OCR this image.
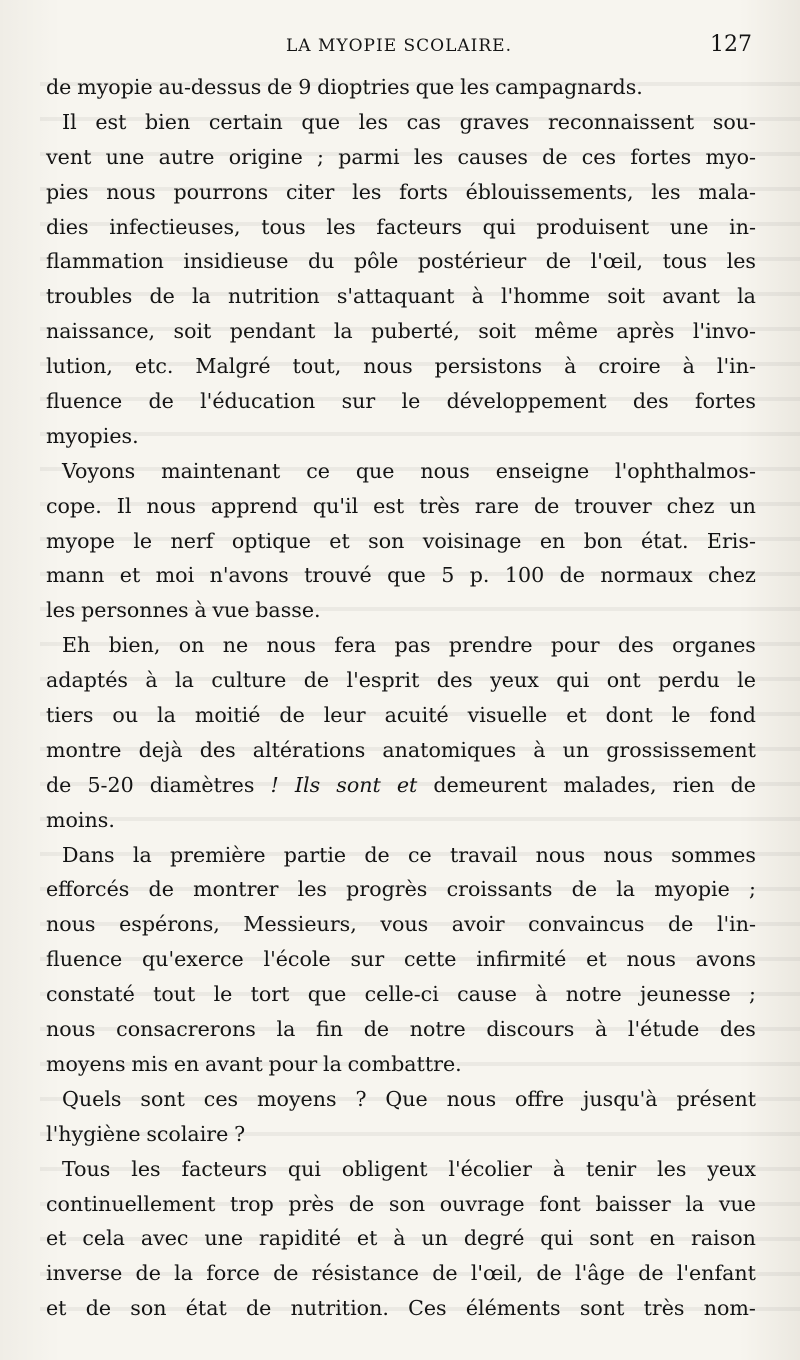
LA MYOPIE SCOLAIRE.	127
de myopie au-dessus de 9 dioptries que les campagnards.
Il est bien certain que les cas graves reconnaissent sou-
vent une autre origine ; parmi les causes de ces fortes myo-
pies nous pourrons citer les forts éblouissements, les mala-
dies infectieuses, tous les facteurs qui produisent une in-
flammation insidieuse du pôle postérieur de l'œil, tous les
troubles de la nutrition s'attaquant à l'homme soit avant la
naissance, soit pendant la puberté, soit même après l'invo-
lution, etc. Malgré tout, nous persistons à croire à l'in-
fluence de l'éducation sur le développement des fortes
myopies.
Voyons maintenant ce que nous enseigne l'ophthalmos-
cope. Il nous apprend qu'il est très rare de trouver chez un
myope le nerf optique et son voisinage en bon état. Eris-
mann et moi n'avons trouvé que 5 p. 100 de normaux chez
les personnes à vue basse.
Eh bien, on ne nous fera pas prendre pour des organes
adaptés à la culture de l'esprit des yeux qui ont perdu le
tiers ou la moitié de leur acuité visuelle et dont le fond
montre dejà des altérations anatomiques à un grossissement
de 5-20 diamètres ! Ils sont et demeurent malades, rien de
moins.
Dans la première partie de ce travail nous nous sommes
efforcés de montrer les progrès croissants de la myopie ;
nous espérons, Messieurs, vous avoir convaincus de l'in-
fluence qu'exerce l'école sur cette infirmité et nous avons
constaté tout le tort que celle-ci cause à notre jeunesse ;
nous consacrerons la fin de notre discours à l'étude des
moyens mis en avant pour la combattre.
Quels sont ces moyens ? Que nous offre jusqu'à présent
l'hygiène scolaire ?
Tous les facteurs qui obligent l'écolier à tenir les yeux
continuellement trop près de son ouvrage font baisser la vue
et cela avec une rapidité et à un degré qui sont en raison
inverse de la force de résistance de l'œil, de l'âge de l'enfant
et de son état de nutrition. Ces éléments sont très nom-
